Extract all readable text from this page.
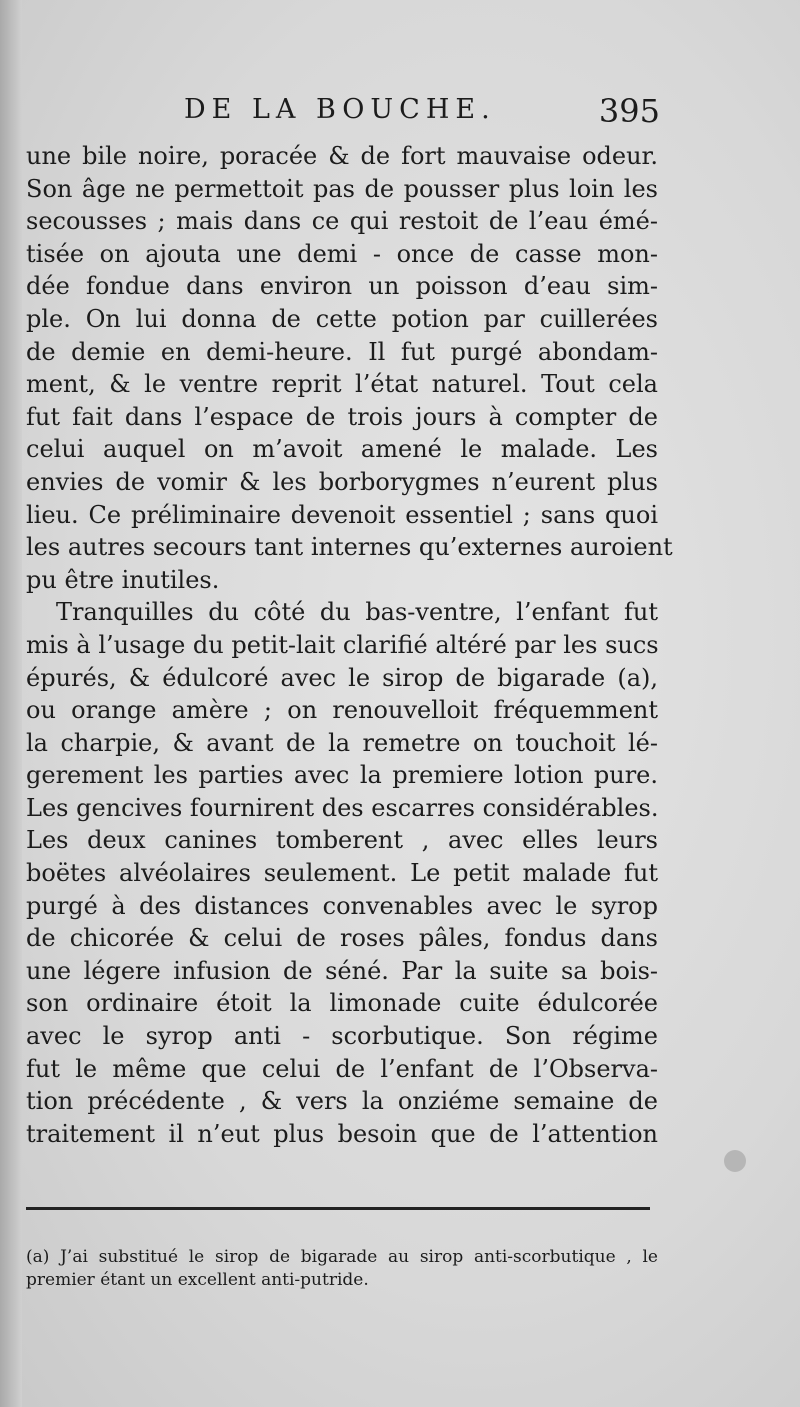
DE LA BOUCHE.	395
une bile noire, poracée & de fort mauvaise odeur.
Son âge ne permettoit pas de pousser plus loin les
secousses ; mais dans ce qui restoit de l’eau émé-
tisée on ajouta une demi - once de casse mon-
dée fondue dans environ un poisson d’eau sim-
ple. On lui donna de cette potion par cuillerées
de demie en demi-heure. Il fut purgé abondam-
ment, & le ventre reprit l’état naturel. Tout cela
fut fait dans l’espace de trois jours à compter de
celui auquel on m’avoit amené le malade. Les
envies de vomir & les borborygmes n’eurent plus
lieu. Ce préliminaire devenoit essentiel ; sans quoi
les autres secours tant internes qu’externes auroient
pu être inutiles.
Tranquilles du côté du bas-ventre, l’enfant fut
mis à l’usage du petit-lait clarifié altéré par les sucs
épurés, & édulcoré avec le sirop de bigarade (a),
ou orange amère ; on renouvelloit fréquemment
la charpie, & avant de la remetre on touchoit lé-
gerement les parties avec la premiere lotion pure.
Les gencives fournirent des escarres considérables.
Les deux canines tomberent , avec elles leurs
boëtes alvéolaires seulement. Le petit malade fut
purgé à des distances convenables avec le syrop
de chicorée & celui de roses pâles, fondus dans
une légere infusion de séné. Par la suite sa bois-
son ordinaire étoit la limonade cuite édulcorée
avec le syrop anti - scorbutique. Son régime
fut le même que celui de l’enfant de l’Observa-
tion précédente , & vers la onziéme semaine de
traitement il n’eut plus besoin que de l’attention
(a) J’ai substitué le sirop de bigarade au sirop anti-scorbutique , le
premier étant un excellent anti-putride.
